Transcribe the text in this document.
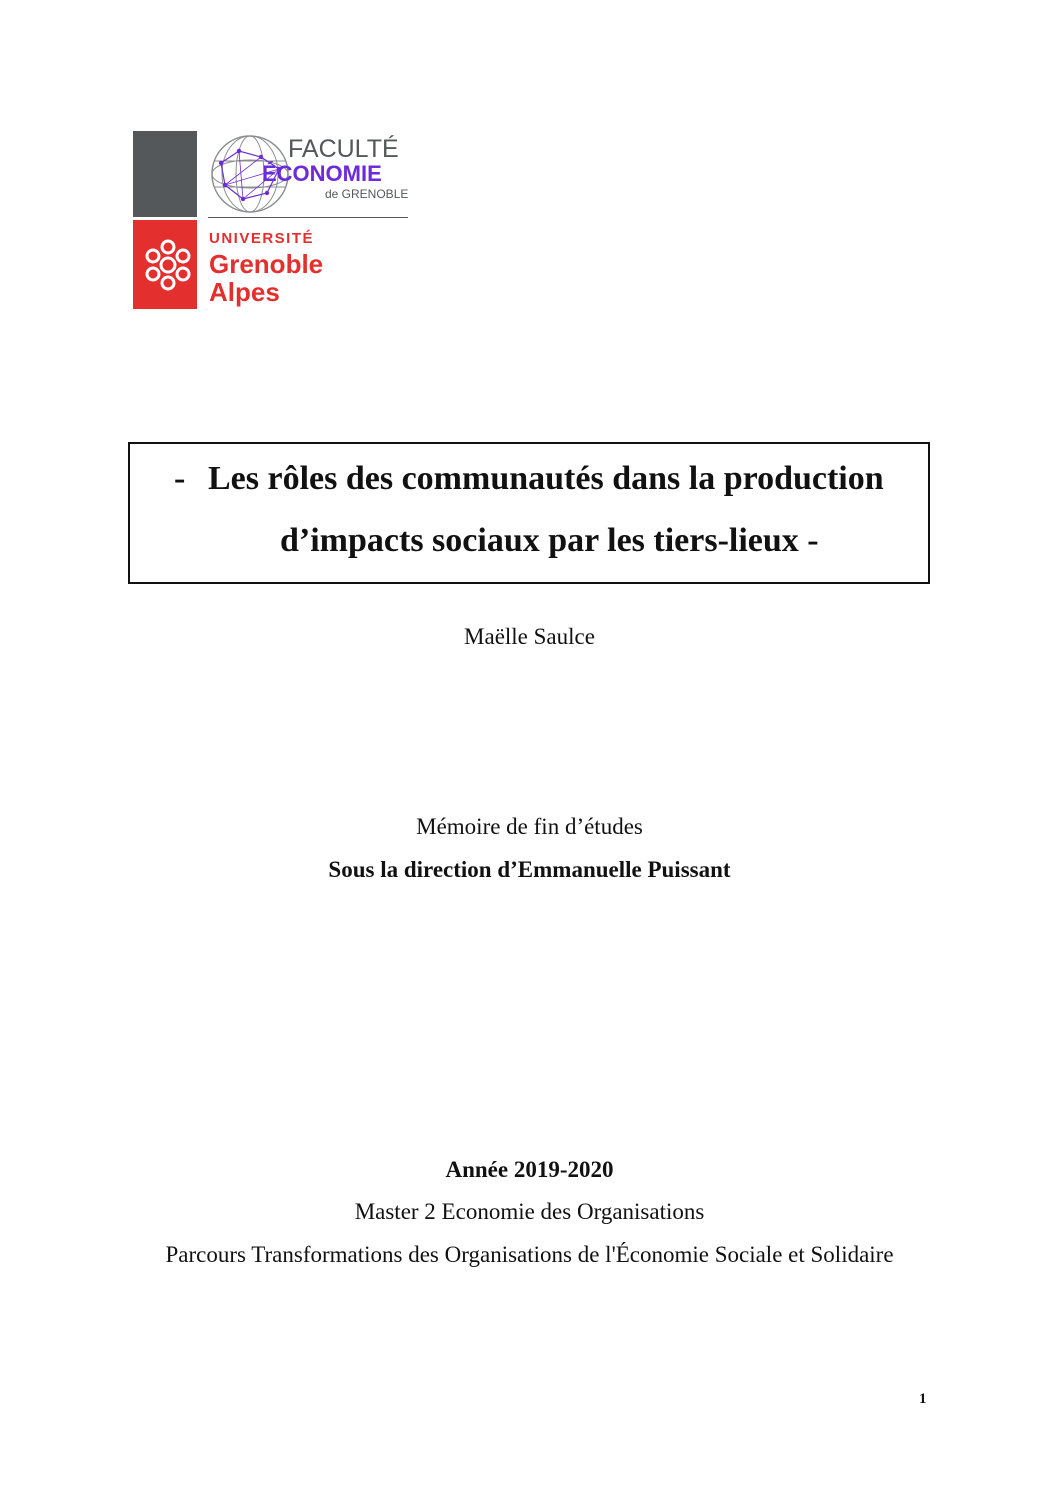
FACULTÉ
ÉCONOMIE
de GRENOBLE
UNIVERSITÉ
Grenoble
Alpes
- Les rôles des communautés dans la production
d’impacts sociaux par les tiers-lieux -
Maëlle Saulce
Mémoire de fin d’études
Sous la direction d’Emmanuelle Puissant
Année 2019-2020
Master 2 Economie des Organisations
Parcours Transformations des Organisations de l'Économie Sociale et Solidaire
1
